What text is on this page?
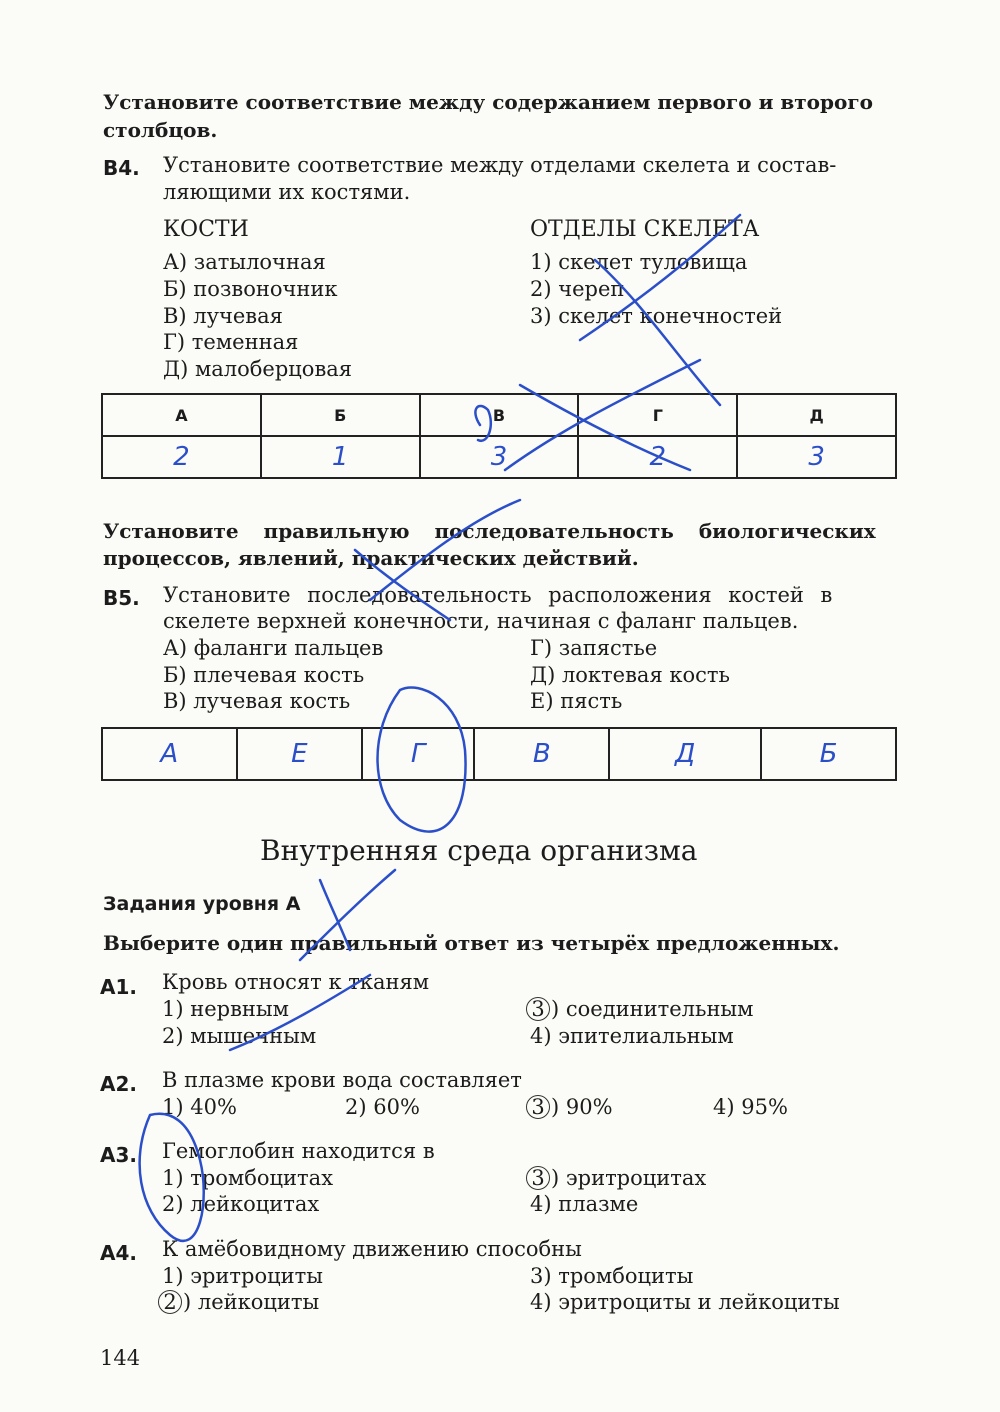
Установите соответствие между содержанием первого и второго столбцов.
B4. Установите соответствие между отделами скелета и состав-
ляющими их костями.
КОСТИ	ОТДЕЛЫ СКЕЛЕТА
А) затылочная
Б) позвоночник
В) лучевая
Г) теменная
Д) малоберцовая
1) скелет туловища
2) череп
3) скелет конечностей
А	Б	В	Г	Д
2	1	3	2	3
Установите правильную последовательность биологических
процессов, явлений, практических действий.
B5. Установите последовательность расположения костей в
скелете верхней конечности, начиная с фаланг пальцев.
А) фаланги пальцев
Б) плечевая кость
В) лучевая кость
Г) запястье
Д) локтевая кость
Е) пясть
А	Е	Г	В	Д	Б
Внутренняя среда организма
Задания уровня А
Выберите один правильный ответ из четырёх предложенных.
A1. Кровь относят к тканям
1) нервным
2) мышечным
3 ) соединительным
4) эпителиальным
A2. В плазме крови вода составляет
1) 40%	2) 60%	3 ) 90%	4) 95%
A3. Гемоглобин находится в
1) тромбоцитах
2) лейкоцитах
3 ) эритроцитах
4) плазме
A4. К амёбовидному движению способны
1) эритроциты
2 ) лейкоциты
3) тромбоциты
4) эритроциты и лейкоциты
144
